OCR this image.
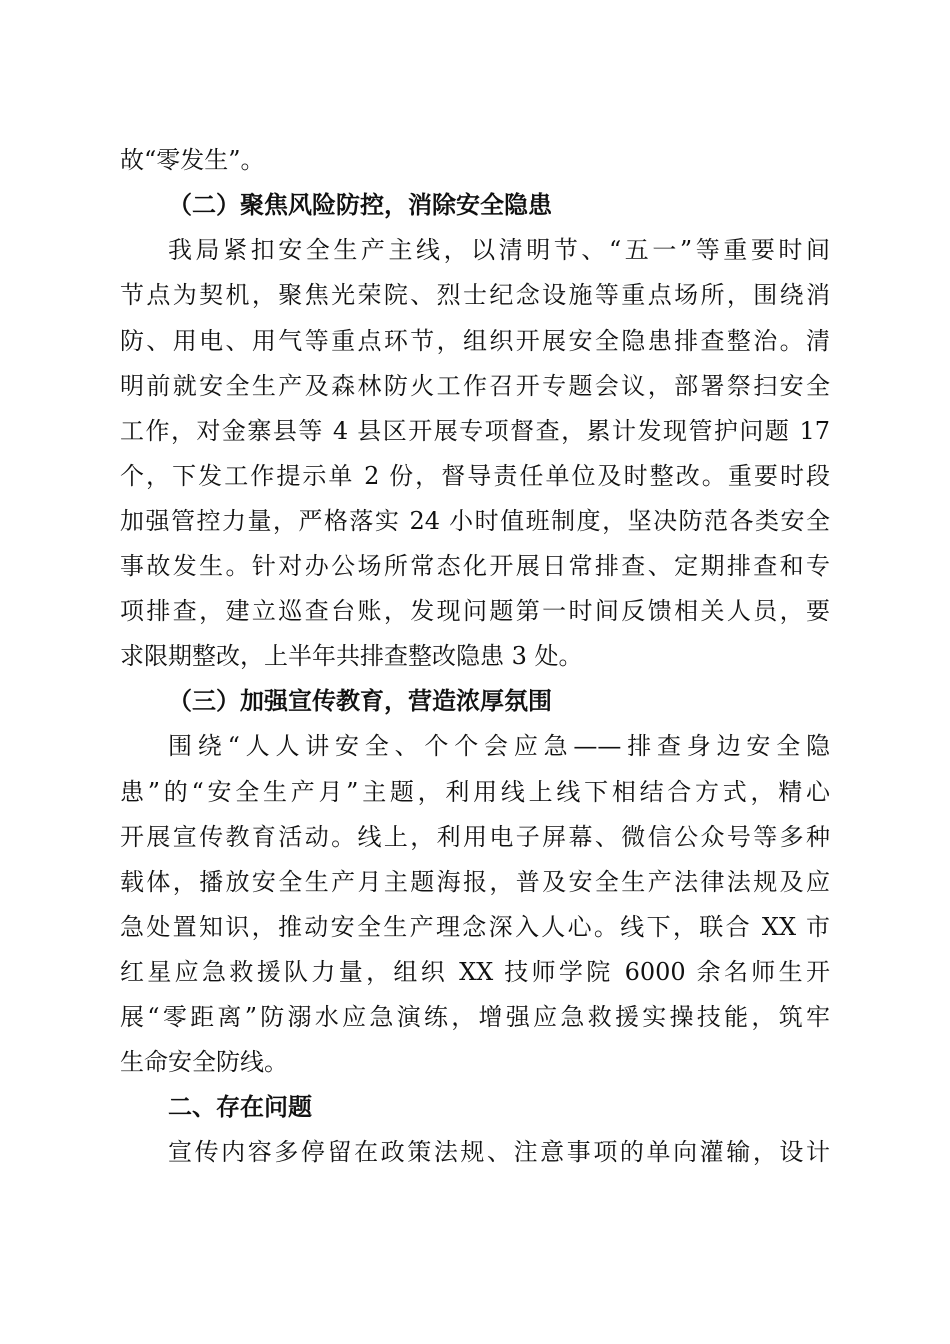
故“零发生”。
（二）聚焦风险防控，消除安全隐患
我局紧扣安全生产主线，以清明节、“五一”等重要时间
节点为契机，聚焦光荣院、烈士纪念设施等重点场所，围绕消
防、用电、用气等重点环节，组织开展安全隐患排查整治。清
明前就安全生产及森林防火工作召开专题会议，部署祭扫安全
工作，对金寨县等 4 县区开展专项督查，累计发现管护问题 17
个，下发工作提示单 2 份，督导责任单位及时整改。重要时段
加强管控力量，严格落实 24 小时值班制度，坚决防范各类安全
事故发生。针对办公场所常态化开展日常排查、定期排查和专
项排查，建立巡查台账，发现问题第一时间反馈相关人员，要
求限期整改，上半年共排查整改隐患 3 处。
（三）加强宣传教育，营造浓厚氛围
围绕“人人讲安全、个个会应急——排查身边安全隐
患”的“安全生产月”主题，利用线上线下相结合方式，精心
开展宣传教育活动。线上，利用电子屏幕、微信公众号等多种
载体，播放安全生产月主题海报，普及安全生产法律法规及应
急处置知识，推动安全生产理念深入人心。线下，联合 XX 市
红星应急救援队力量，组织 XX 技师学院 6000 余名师生开
展“零距离”防溺水应急演练，增强应急救援实操技能，筑牢
生命安全防线。
二、存在问题
宣传内容多停留在政策法规、注意事项的单向灌输，设计
